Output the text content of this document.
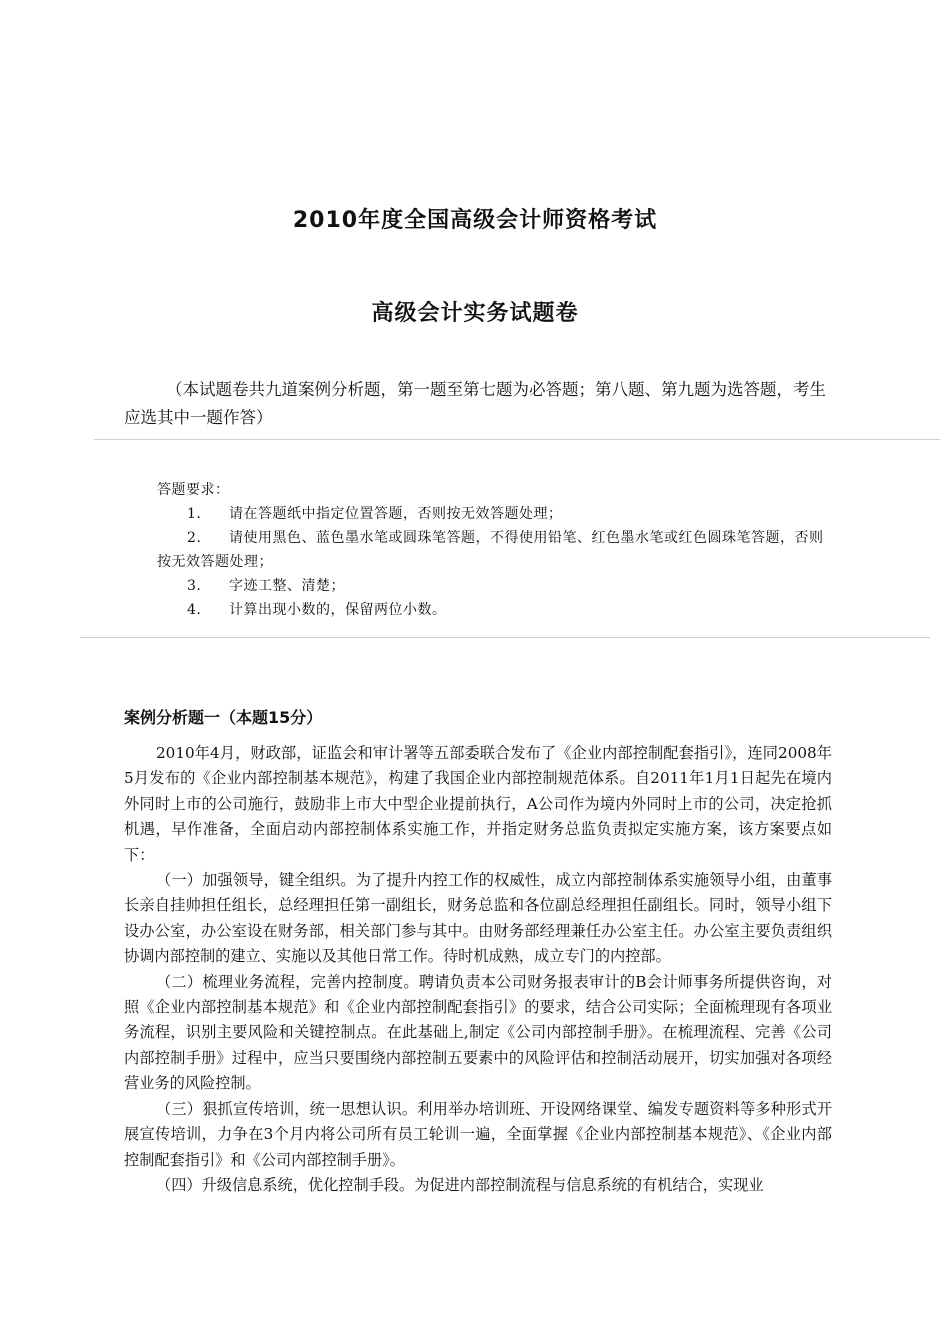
2010年度全国高级会计师资格考试
高级会计实务试题卷
（本试题卷共九道案例分析题，第一题至第七题为必答题；第八题、第九题为选答题，考生应选其中一题作答）
答题要求：
1.	请在答题纸中指定位置答题，否则按无效答题处理；
2. 请使用黑色、蓝色墨水笔或圆珠笔答题，不得使用铅笔、红色墨水笔或红色圆珠笔答题，否则按无效答题处理；
3.	字迹工整、清楚；
4.	计算出现小数的，保留两位小数。
案例分析题一（本题15分）

2010年4月，财政部，证监会和审计署等五部委联合发布了《企业内部控制配套指引》，连同2008年5月发布的《企业内部控制基本规范》，构建了我国企业内部控制规范体系。自2011年1月1日起先在境内外同时上市的公司施行，鼓励非上市大中型企业提前执行，A公司作为境内外同时上市的公司，决定抢抓机遇，早作准备，全面启动内部控制体系实施工作，并指定财务总监负责拟定实施方案，该方案要点如下：

（一）加强领导，键全组织。为了提升内控工作的权威性，成立内部控制体系实施领导小组，由董事长亲自挂帅担任组长，总经理担任第一副组长，财务总监和各位副总经理担任副组长。同时，领导小组下设办公室，办公室设在财务部，相关部门参与其中。由财务部经理兼任办公室主任。办公室主要负责组织协调内部控制的建立、实施以及其他日常工作。待时机成熟，成立专门的内控部。

（二）梳理业务流程，完善内控制度。聘请负责本公司财务报表审计的B会计师事务所提供咨询，对照《企业内部控制基本规范》和《企业内部控制配套指引》的要求，结合公司实际；全面梳理现有各项业务流程，识别主要风险和关键控制点。在此基础上,制定《公司内部控制手册》。在梳理流程、完善《公司内部控制手册》过程中，应当只要围绕内部控制五要素中的风险评估和控制活动展开，切实加强对各项经营业务的风险控制。

（三）狠抓宣传培训，统一思想认识。利用举办培训班、开设网络课堂、编发专题资料等多种形式开展宣传培训，力争在3个月内将公司所有员工轮训一遍，全面掌握《企业内部控制基本规范》、《企业内部控制配套指引》和《公司内部控制手册》。

（四）升级信息系统，优化控制手段。为促进内部控制流程与信息系统的有机结合，实现业
